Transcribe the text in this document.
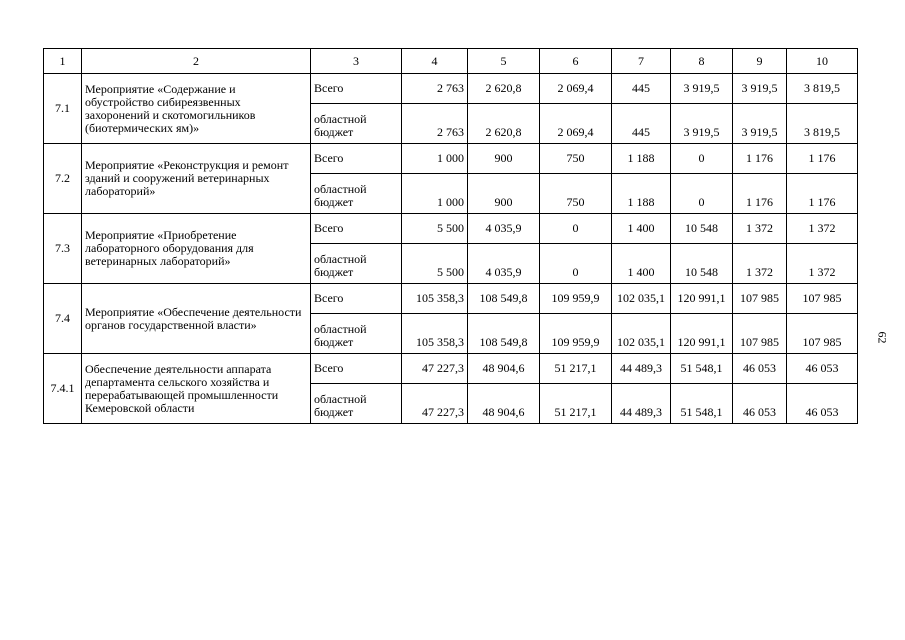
1	2	3	4	5	6	7	8	9	10
7.1	Мероприятие «Содержание и обустройство сибиреязвенных захоронений и скотомогильников (биотермических ям)»	Всего	2 763	2 620,8	2 069,4	445	3 919,5	3 919,5	3 819,5
		областной бюджет	2 763	2 620,8	2 069,4	445	3 919,5	3 919,5	3 819,5
7.2	Мероприятие «Реконструкция и ремонт зданий и сооружений ветеринарных лабораторий»	Всего	1 000	900	750	1 188	0	1 176	1 176
		областной бюджет	1 000	900	750	1 188	0	1 176	1 176
7.3	Мероприятие «Приобретение лабораторного оборудования для ветеринарных лабораторий»	Всего	5 500	4 035,9	0	1 400	10 548	1 372	1 372
		областной бюджет	5 500	4 035,9	0	1 400	10 548	1 372	1 372
7.4	Мероприятие «Обеспечение деятельности органов государственной власти»	Всего	105 358,3	108 549,8	109 959,9	102 035,1	120 991,1	107 985	107 985
		областной бюджет	105 358,3	108 549,8	109 959,9	102 035,1	120 991,1	107 985	107 985
7.4.1	Обеспечение деятельности аппарата департамента сельского хозяйства и перерабатывающей промышленности Кемеровской области	Всего	47 227,3	48 904,6	51 217,1	44 489,3	51 548,1	46 053	46 053
		областной бюджет	47 227,3	48 904,6	51 217,1	44 489,3	51 548,1	46 053	46 053
62
